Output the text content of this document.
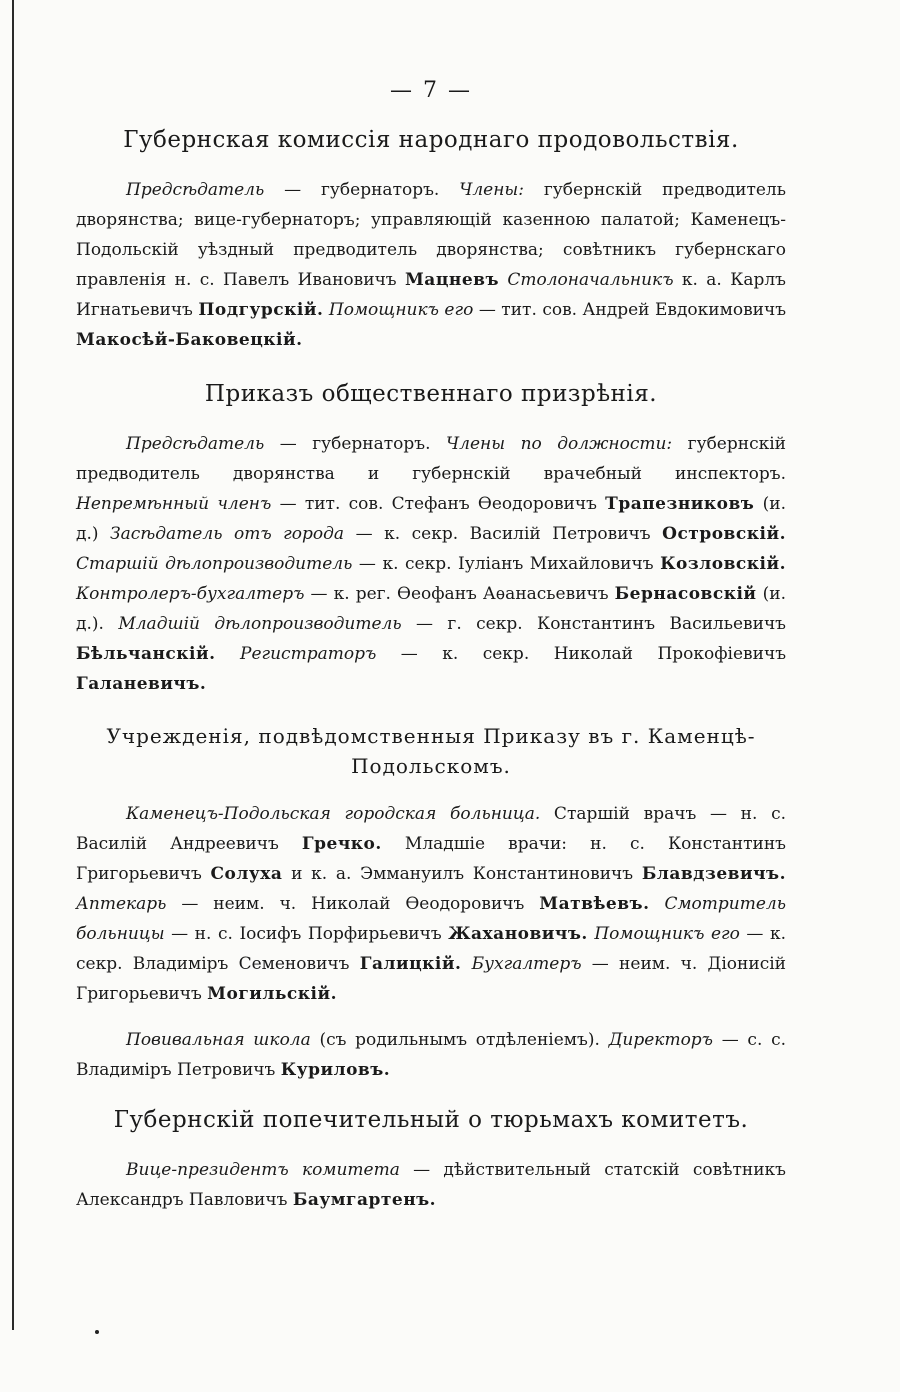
— 7 —
Губернская комиссія народнаго продовольствія.

Предсѣдатель — губернаторъ. Члены: губернскій предводитель дворянства; вице-губернаторъ; управляющій казенною палатой; Каменецъ-Подольскій уѣздный предводитель дворянства; совѣтникъ губернскаго правленія н. с. Павелъ Ивановичъ Мацневъ Столоначальникъ к. а. Карлъ Игнатьевичъ Подгурскій. Помощникъ его — тит. сов. Андрей Евдокимовичъ Макосѣй-Баковецкій.

Приказъ общественнаго призрѣнія.

Предсѣдатель — губернаторъ. Члены по должности: губернскій предводитель дворянства и губернскій врачебный инспекторъ. Непремѣнный членъ — тит. сов. Стефанъ Ѳеодоровичъ Трапезниковъ (и. д.) Засѣдатель отъ города — к. секр. Василій Петровичъ Островскій. Старшій дѣлопроизводитель — к. секр. Іуліанъ Михайловичъ Козловскій. Контролеръ-бухгалтеръ — к. рег. Ѳеофанъ Аѳанасьевичъ Бернасовскій (и. д.). Младшій дѣлопроизводитель — г. секр. Константинъ Васильевичъ Бѣльчанскій. Регистраторъ — к. секр. Николай Прокофіевичъ Галаневичъ.

Учрежденія, подвѣдомственныя Приказу въ г. Каменцѣ-Подольскомъ.

Каменецъ-Подольская городская больница. Старшій врачъ — н. с. Василій Андреевичъ Гречко. Младшіе врачи: н. с. Константинъ Григорьевичъ Солуха и к. а. Эммануилъ Константиновичъ Блавдзевичъ. Аптекарь — неим. ч. Николай Ѳеодоровичъ Матвѣевъ. Смотритель больницы — н. с. Іосифъ Порфирьевичъ Жахановичъ. Помощникъ его — к. секр. Владиміръ Семеновичъ Галицкій. Бухгалтеръ — неим. ч. Діонисій Григорьевичъ Могильскій.

Повивальная школа (съ родильнымъ отдѣленіемъ). Директоръ — с. с. Владиміръ Петровичъ Куриловъ.

Губернскій попечительный о тюрьмахъ комитетъ.

Вице-президентъ комитета — дѣйствительный статскій совѣтникъ Александръ Павловичъ Баумгартенъ.
